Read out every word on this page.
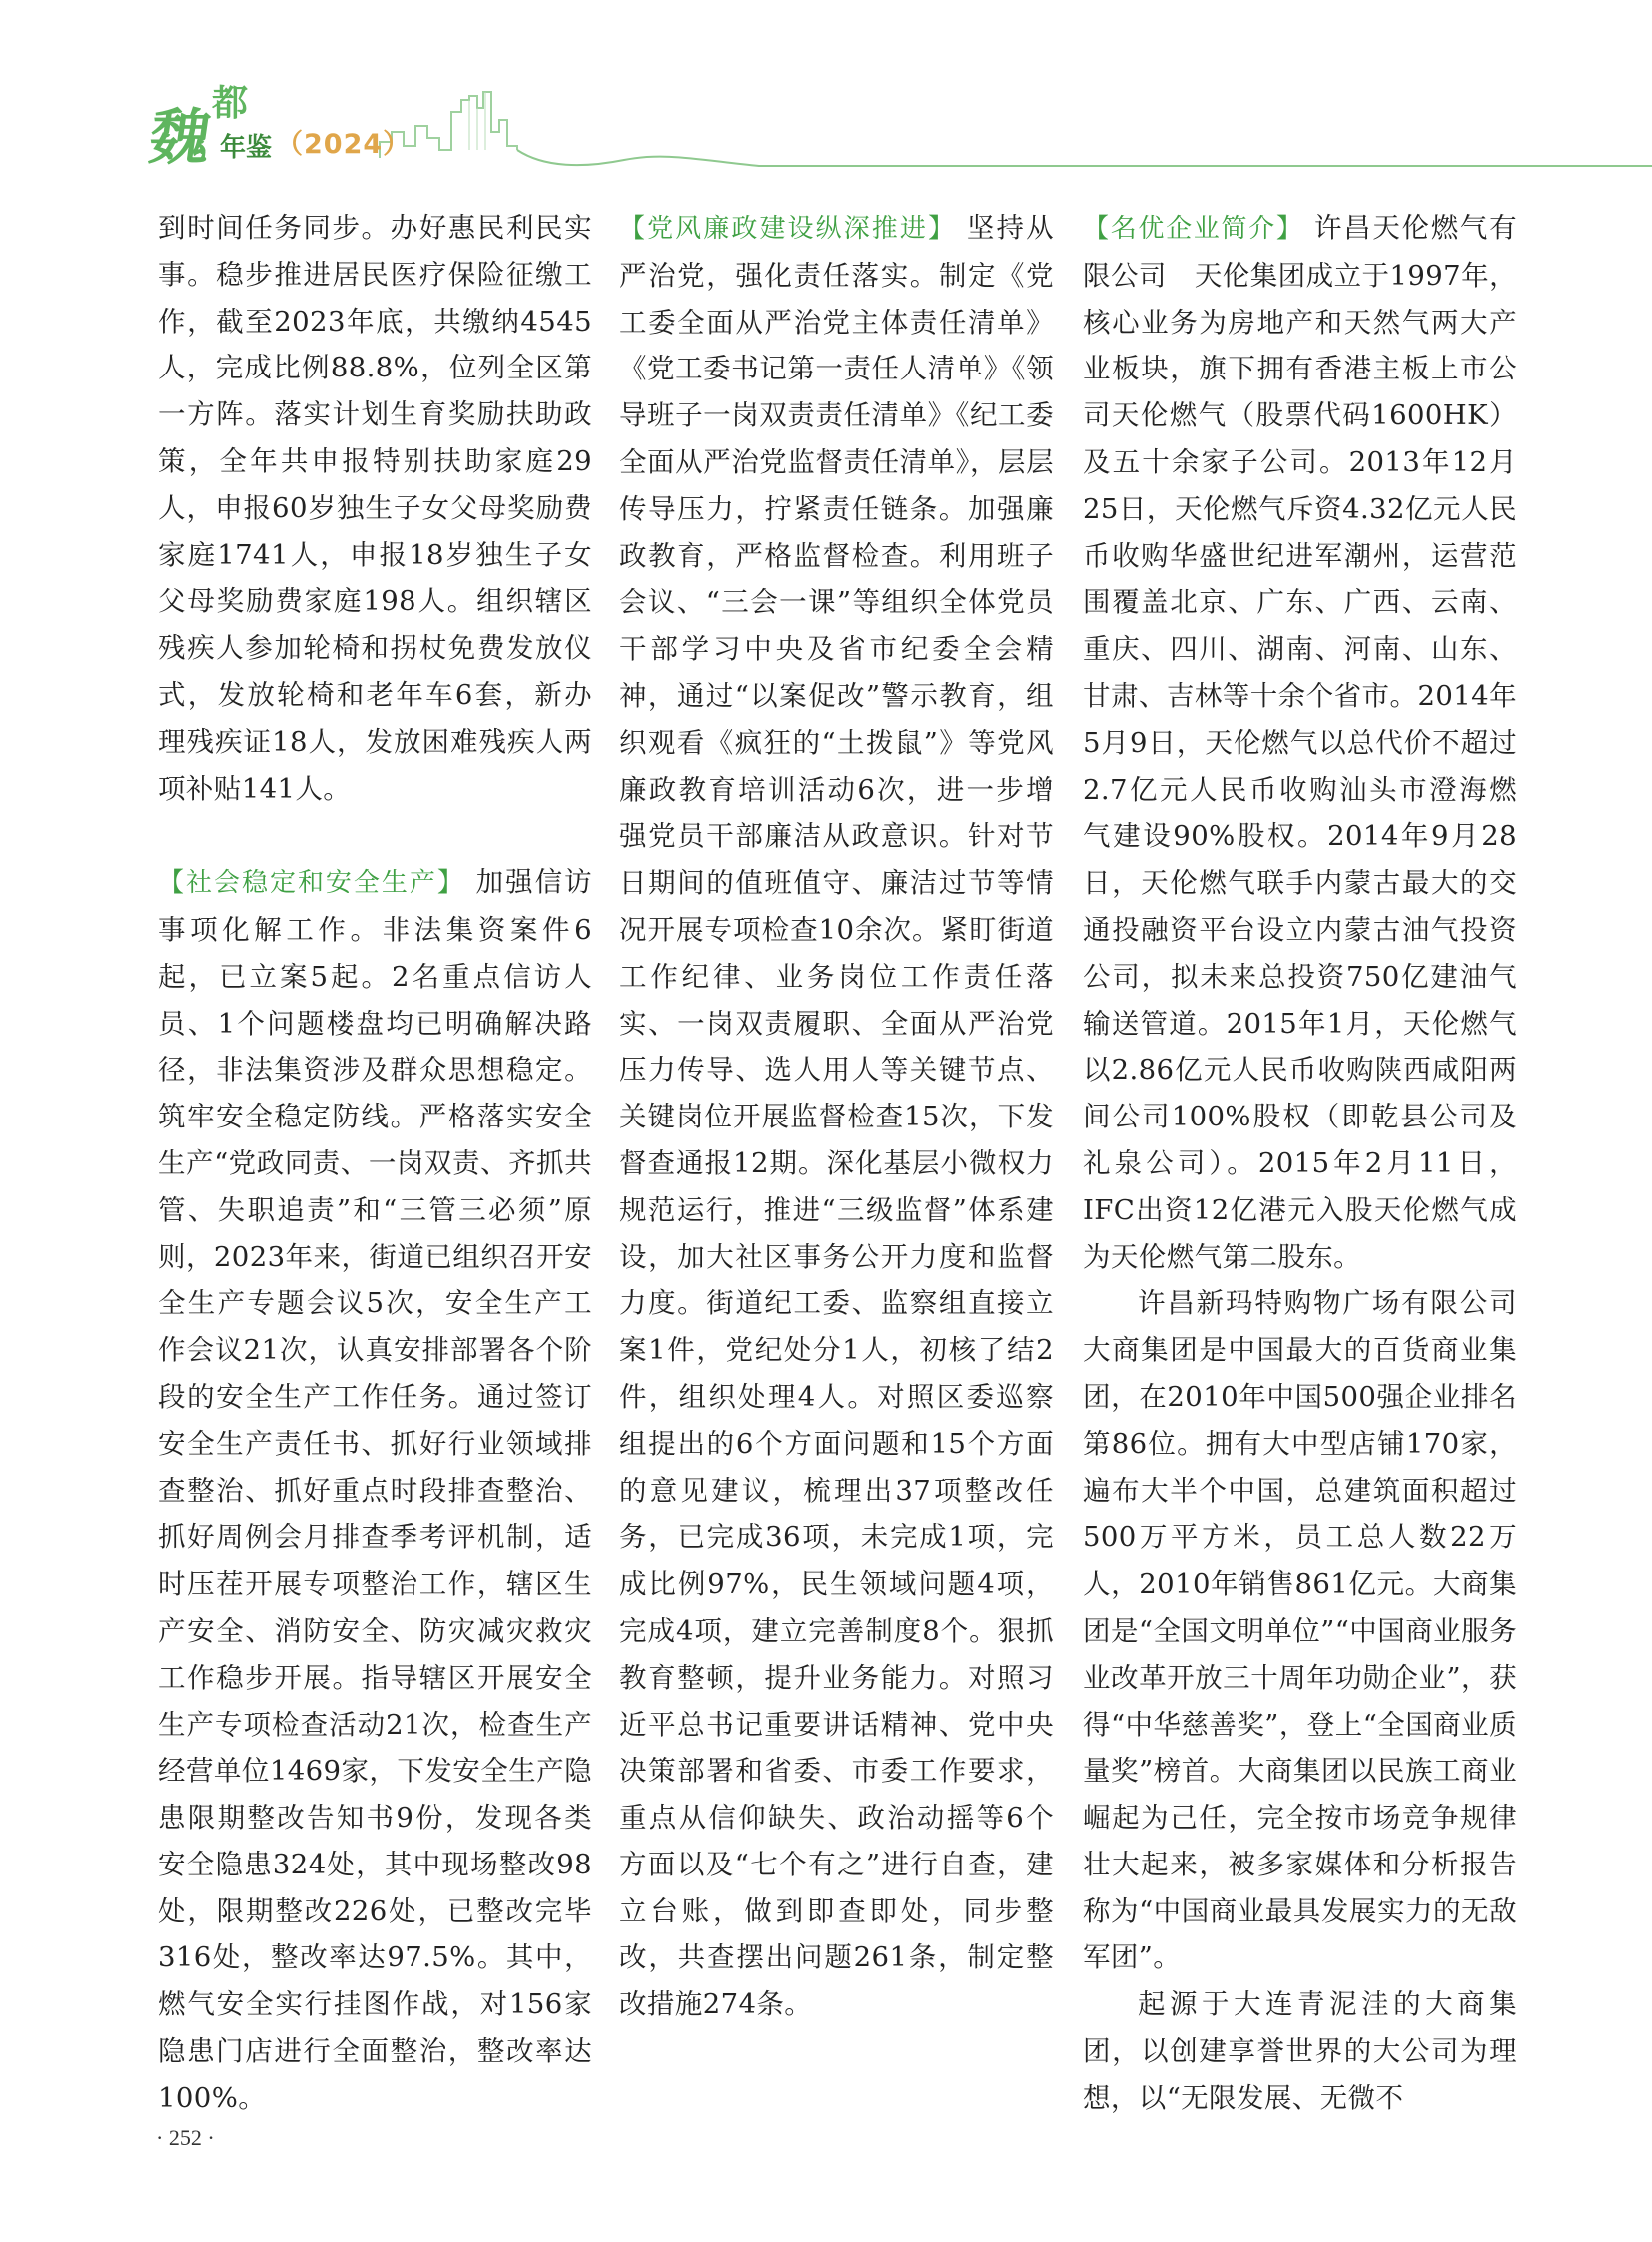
魏
都
年鉴 （2024）

到时间任务同步。办好惠民利民实事。稳步推进居民医疗保险征缴工作，截至2023年底，共缴纳4545人，完成比例88.8%，位列全区第一方阵。落实计划生育奖励扶助政策，全年共申报特别扶助家庭29人，申报60岁独生子女父母奖励费家庭1741人，申报18岁独生子女父母奖励费家庭198人。组织辖区残疾人参加轮椅和拐杖免费发放仪式，发放轮椅和老年车6套，新办理残疾证18人，发放困难残疾人两项补贴141人。

【社会稳定和安全生产】 加强信访事项化解工作。非法集资案件6起，已立案5起。2名重点信访人员、1个问题楼盘均已明确解决路径，非法集资涉及群众思想稳定。筑牢安全稳定防线。严格落实安全生产“党政同责、一岗双责、齐抓共管、失职追责”和“三管三必须”原则，2023年来，街道已组织召开安全生产专题会议5次，安全生产工作会议21次，认真安排部署各个阶段的安全生产工作任务。通过签订安全生产责任书、抓好行业领域排查整治、抓好重点时段排查整治、抓好周例会月排查季考评机制，适时压茬开展专项整治工作，辖区生产安全、消防安全、防灾减灾救灾工作稳步开展。指导辖区开展安全生产专项检查活动21次，检查生产经营单位1469家，下发安全生产隐患限期整改告知书9份，发现各类安全隐患324处，其中现场整改98处，限期整改226处，已整改完毕316处，整改率达97.5%。其中，燃气安全实行挂图作战，对156家隐患门店进行全面整治，整改率达100%。

【党风廉政建设纵深推进】 坚持从严治党，强化责任落实。制定《党工委全面从严治党主体责任清单》《党工委书记第一责任人清单》《领导班子一岗双责责任清单》《纪工委全面从严治党监督责任清单》，层层传导压力，拧紧责任链条。加强廉政教育，严格监督检查。利用班子会议、“三会一课”等组织全体党员干部学习中央及省市纪委全会精神，通过“以案促改”警示教育，组织观看《疯狂的“土拨鼠”》等党风廉政教育培训活动6次，进一步增强党员干部廉洁从政意识。针对节日期间的值班值守、廉洁过节等情况开展专项检查10余次。紧盯街道工作纪律、业务岗位工作责任落实、一岗双责履职、全面从严治党压力传导、选人用人等关键节点、关键岗位开展监督检查15次，下发督查通报12期。深化基层小微权力规范运行，推进“三级监督”体系建设，加大社区事务公开力度和监督力度。街道纪工委、监察组直接立案1件，党纪处分1人，初核了结2件，组织处理4人。对照区委巡察组提出的6个方面问题和15个方面的意见建议，梳理出37项整改任务，已完成36项，未完成1项，完成比例97%，民生领域问题4项，完成4项，建立完善制度8个。狠抓教育整顿，提升业务能力。对照习近平总书记重要讲话精神、党中央决策部署和省委、市委工作要求，重点从信仰缺失、政治动摇等6个方面以及“七个有之”进行自查，建立台账，做到即查即处，同步整改，共查摆出问题261条，制定整改措施274条。

【名优企业简介】 许昌天伦燃气有限公司　天伦集团成立于1997年，核心业务为房地产和天然气两大产业板块，旗下拥有香港主板上市公司天伦燃气（股票代码1600HK）及五十余家子公司。2013年12月25日，天伦燃气斥资4.32亿元人民币收购华盛世纪进军潮州，运营范围覆盖北京、广东、广西、云南、重庆、四川、湖南、河南、山东、甘肃、吉林等十余个省市。2014年5月9日，天伦燃气以总代价不超过2.7亿元人民币收购汕头市澄海燃气建设90%股权。2014年9月28日，天伦燃气联手内蒙古最大的交通投融资平台设立内蒙古油气投资公司，拟未来总投资750亿建油气输送管道。2015年1月，天伦燃气以2.86亿元人民币收购陕西咸阳两间公司100%股权（即乾县公司及礼泉公司）。2015年2月11日，IFC出资12亿港元入股天伦燃气成为天伦燃气第二股东。

许昌新玛特购物广场有限公司　大商集团是中国最大的百货商业集团，在2010年中国500强企业排名第86位。拥有大中型店铺170家，遍布大半个中国，总建筑面积超过500万平方米，员工总人数22万人，2010年销售861亿元。大商集团是“全国文明单位”“中国商业服务业改革开放三十周年功勋企业”，获得“中华慈善奖”，登上“全国商业质量奖”榜首。大商集团以民族工商业崛起为己任，完全按市场竞争规律壮大起来，被多家媒体和分析报告称为“中国商业最具发展实力的无敌军团”。

起源于大连青泥洼的大商集团，以创建享誉世界的大公司为理想，以“无限发展、无微不

· 252 ·
